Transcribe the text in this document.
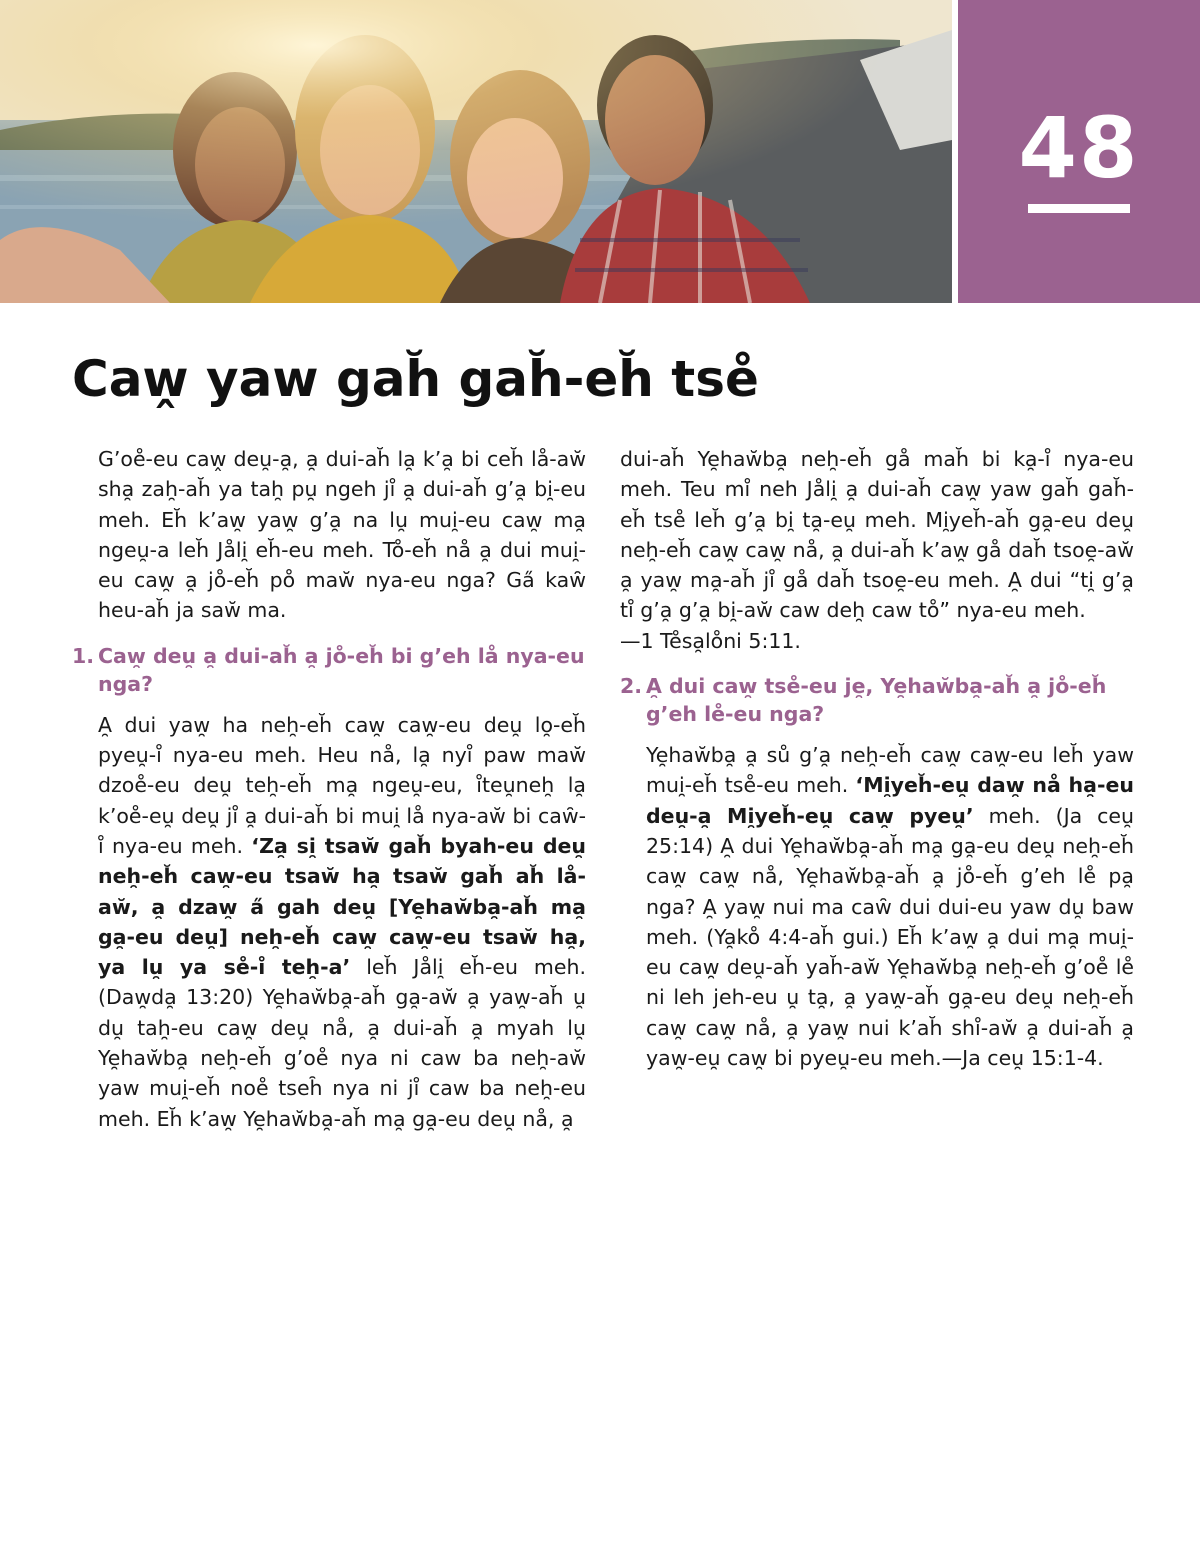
48
Caw̭ yaw gah̆ gah̆-eh̆ tse̊

G’oe̊-eu caw̭ deu̯-a̯, a̯ dui-ah̆ la̯ k’a̯ bi ceh̆ lå-aw̆ sha̯ zah̯-ah̆ ya tah̯ pu̯ ngeh ji̊ a̯ dui-ah̆ g’a̯ bi̯-eu meh. Eh̆ k’aw̯ yaw̯ g’a̯ na lu̯ mui̯-eu caw̯ ma̯ ngeu̯-a leh̆ Jåli̯ eh̆-eu meh. To̊-eh̆ nå a̯ dui mui̯-eu caw̯ a̯ jo̊-eh̆ po̊ maw̆ nya-eu nga? Ga̋ kaw̑ heu-ah̆ ja saw̆ ma.

1. Caw̯ deu̯ a̯ dui-ah̆ a̯ jo̊-eh̆ bi g’eh lå nya-eu nga?

A̯ dui yaw̯ ha neh̯-eh̆ caw̯ caw̯-eu deu̯ lo̯-eh̆ pyeu̯-i̊ nya-eu meh. Heu nå, la̯ nyi̊ paw maw̆ dzoe̊-eu deu̯ teh̯-eh̆ ma̯ ngeu̯-eu, i̊teu̯neh̯ la̯ k’oe̊-eu̯ deu̯ ji̊ a̯ dui-ah̆ bi mui̯ lå nya-aw̆ bi caw̑-i̊ nya-eu meh. ‘Za̯ si̯ tsaw̆ gah̆ byah-eu deu̯ neh̯-eh̆ caw̯-eu tsaw̆ ha̯ tsaw̆ gah̆ ah̆ lå-aw̆, a̯ dzaw̯ a̋ gah deu̯ [Ye̯haw̆ba̯-ah̆ ma̯ ga̯-eu deu̯] neh̯-eh̆ caw̯ caw̯-eu tsaw̆ ha̯, ya lu̯ ya se̊-i̊ teh̯-a’ leh̆ Jåli̯ eh̆-eu meh. (Daw̯da̯ 13:20) Ye̯haw̆ba̯-ah̆ ga̯-aw̆ a̯ yaw̯-ah̆ u̯ du̯ tah̯-eu caw̯ deu̯ nå, a̯ dui-ah̆ a̯ myah lu̯ Ye̯haw̆ba̯ neh̯-eh̆ g’oe̊ nya ni caw ba neh̯-aw̆ yaw mui̯-eh̆ noe̊ tseh̑ nya ni ji̊ caw ba neh̯-eu meh. Eh̆ k’aw̯ Ye̯haw̆ba̯-ah̆ ma̯ ga̯-eu deu̯ nå, a̯

dui-ah̆ Ye̯haw̆ba̯ neh̯-eh̆ gå mah̆ bi ka̯-i̊ nya-eu meh. Teu mi̊ neh Jåli̯ a̯ dui-ah̆ caw̯ yaw gah̆ gah̆-eh̆ tse̊ leh̆ g’a̯ bi̯ ta̯-eu̯ meh. Mi̯yeh̆-ah̆ ga̯-eu deu̯ neh̯-eh̆ caw̯ caw̯ nå, a̯ dui-ah̆ k’aw̯ gå dah̆ tsoe̯-aw̆ a̯ yaw̯ ma̯-ah̆ ji̊ gå dah̆ tsoe̯-eu meh. A̯ dui “ti̯ g’a̯ ti̊ g’a̯ g’a̯ bi̯-aw̆ caw deh̯ caw to̊” nya-eu meh.

—1 Te̊sa̯lo̊ni 5:11.

2. A̯ dui caw̯ tse̊-eu je̯, Ye̯haw̆ba̯-ah̆ a̯ jo̊-eh̆ g’eh le̊-eu nga?

Ye̯haw̆ba̯ a̯ sů g’a̯ neh̯-eh̆ caw̯ caw̯-eu leh̆ yaw mui̯-eh̆ tse̊-eu meh. ‘Mi̯yeh̆-eu̯ daw̯ nå ha̯-eu deu̯-a̯ Mi̯yeh̆-eu̯ caw̯ pyeu̯’ meh. (Ja ceu̯ 25:14) A̯ dui Ye̯haw̆ba̯-ah̆ ma̯ ga̯-eu deu̯ neh̯-eh̆ caw̯ caw̯ nå, Ye̯haw̆ba̯-ah̆ a̯ jo̊-eh̆ g’eh le̊ pa̯ nga? A̯ yaw̯ nui ma caw̑ dui dui-eu yaw du̯ baw meh. (Ya̯ko̊ 4:4-ah̆ gui.) Eh̆ k’aw̯ a̯ dui ma̯ mui̯-eu caw̯ deu̯-ah̆ yah̆-aw̆ Ye̯haw̆ba̯ neh̯-eh̆ g’oe̊ le̊ ni leh jeh-eu u̯ ta̯, a̯ yaw̯-ah̆ ga̯-eu deu̯ neh̯-eh̆ caw̯ caw̯ nå, a̯ yaw̯ nui k’ah̆ shi̊-aw̆ a̯ dui-ah̆ a̯ yaw̯-eu̯ caw̯ bi pyeu̯-eu meh.—Ja ceu̯ 15:1-4.
